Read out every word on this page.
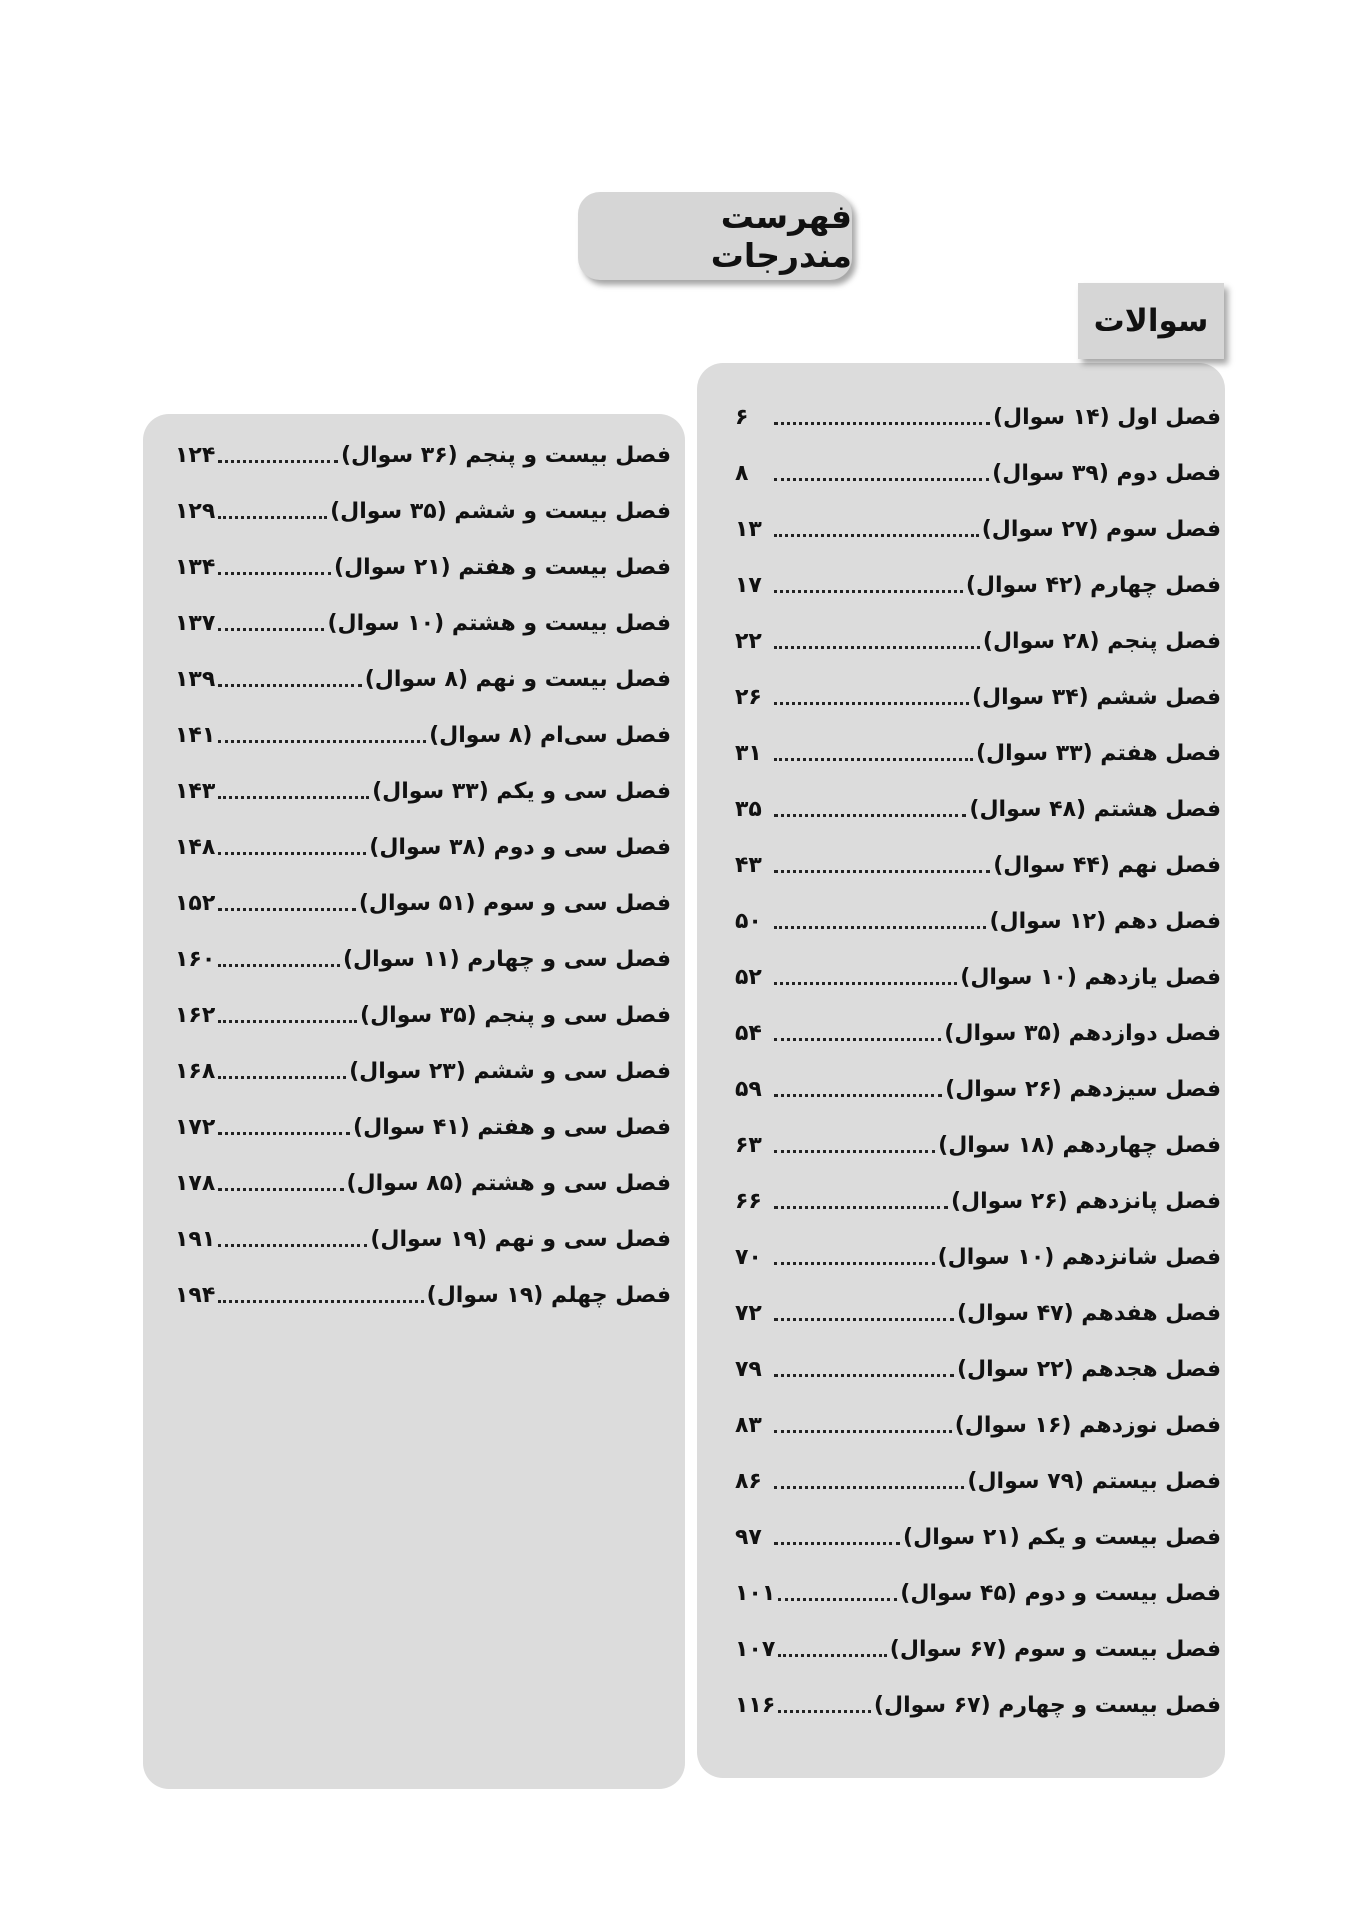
فهرست مندرجات
سوالات
فصل اول (۱۴ سوال)
۶
فصل دوم (۳۹ سوال)
۸
فصل سوم (۲۷ سوال)
۱۳
فصل چهارم (۴۲ سوال)
۱۷
فصل پنجم (۲۸ سوال)
۲۲
فصل ششم (۳۴ سوال)
۲۶
فصل هفتم (۳۳ سوال)
۳۱
فصل هشتم (۴۸ سوال)
۳۵
فصل نهم (۴۴ سوال)
۴۳
فصل دهم (۱۲ سوال)
۵۰
فصل یازدهم (۱۰ سوال)
۵۲
فصل دوازدهم (۳۵ سوال)
۵۴
فصل سیزدهم (۲۶ سوال)
۵۹
فصل چهاردهم (۱۸ سوال)
۶۳
فصل پانزدهم (۲۶ سوال)
۶۶
فصل شانزدهم (۱۰ سوال)
۷۰
فصل هفدهم (۴۷ سوال)
۷۲
فصل هجدهم (۲۲ سوال)
۷۹
فصل نوزدهم (۱۶ سوال)
۸۳
فصل بیستم (۷۹ سوال)
۸۶
فصل بیست و یکم (۲۱ سوال)
۹۷
فصل بیست و دوم (۴۵ سوال)
۱۰۱
فصل بیست و سوم (۶۷ سوال)
۱۰۷
فصل بیست و چهارم (۶۷ سوال)
۱۱۶
فصل بیست و پنجم (۳۶ سوال)
۱۲۴
فصل بیست و ششم (۳۵ سوال)
۱۲۹
فصل بیست و هفتم (۲۱ سوال)
۱۳۴
فصل بیست و هشتم (۱۰ سوال)
۱۳۷
فصل بیست و نهم (۸ سوال)
۱۳۹
فصل سی‌ام (۸ سوال)
۱۴۱
فصل سی و یکم (۳۳ سوال)
۱۴۳
فصل سی و دوم (۳۸ سوال)
۱۴۸
فصل سی و سوم (۵۱ سوال)
۱۵۲
فصل سی و چهارم (۱۱ سوال)
۱۶۰
فصل سی و پنجم (۳۵ سوال)
۱۶۲
فصل سی و ششم (۲۳ سوال)
۱۶۸
فصل سی و هفتم (۴۱ سوال)
۱۷۲
فصل سی و هشتم (۸۵ سوال)
۱۷۸
فصل سی و نهم (۱۹ سوال)
۱۹۱
فصل چهلم (۱۹ سوال)
۱۹۴
